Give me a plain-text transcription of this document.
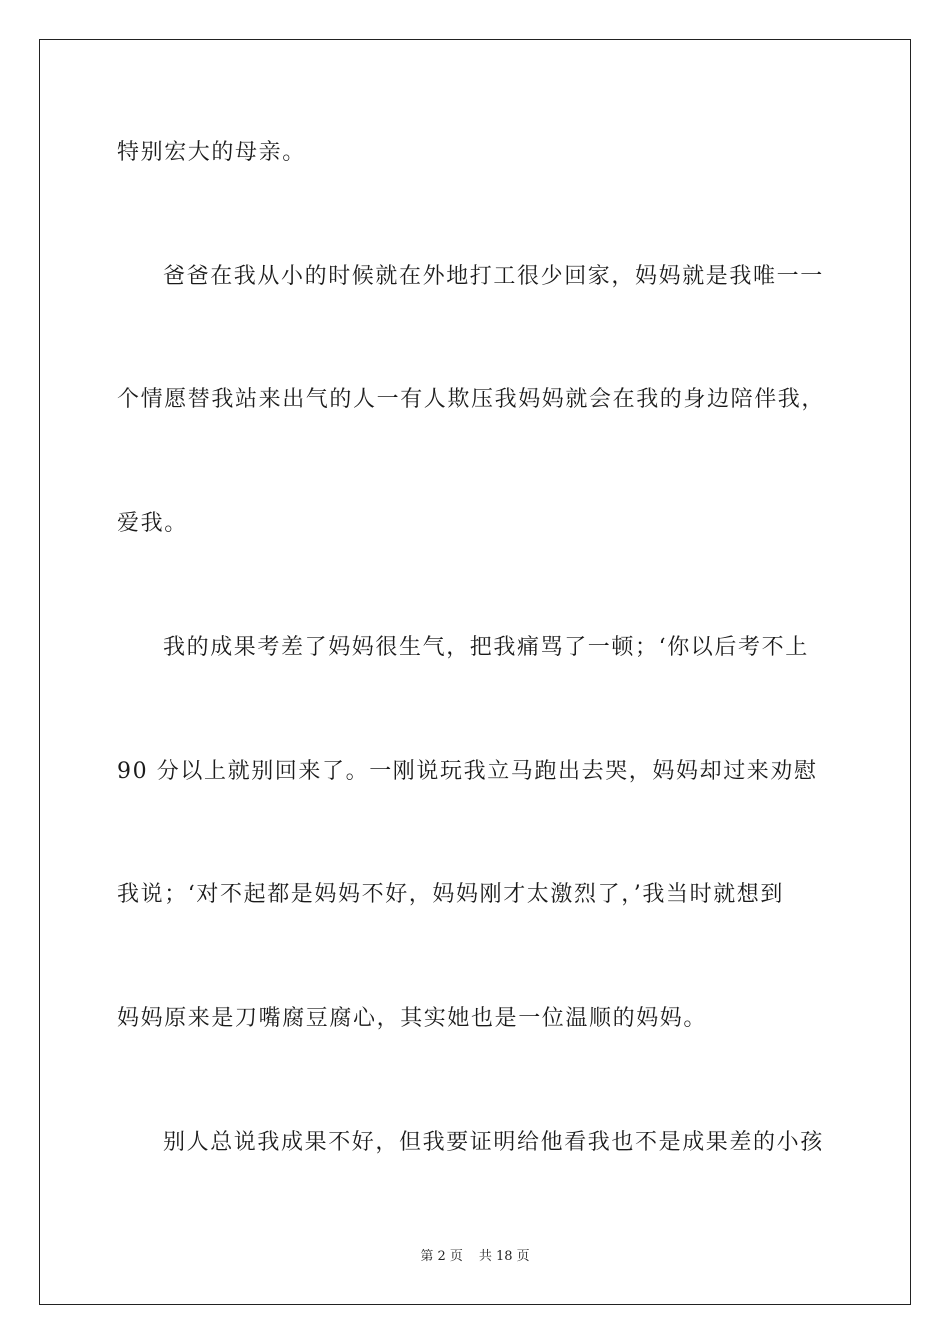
特别宏大的母亲。
爸爸在我从小的时候就在外地打工很少回家，妈妈就是我唯一一
个情愿替我站来出气的人一有人欺压我妈妈就会在我的身边陪伴我，
爱我。
我的成果考差了妈妈很生气，把我痛骂了一顿；‘你以后考不上
90 分以上就别回来了。一刚说玩我立马跑出去哭，妈妈却过来劝慰
我说；‘对不起都是妈妈不好，妈妈刚才太激烈了，’我当时就想到
妈妈原来是刀嘴腐豆腐心，其实她也是一位温顺的妈妈。
别人总说我成果不好，但我要证明给他看我也不是成果差的小孩
第 2 页 共 18 页
